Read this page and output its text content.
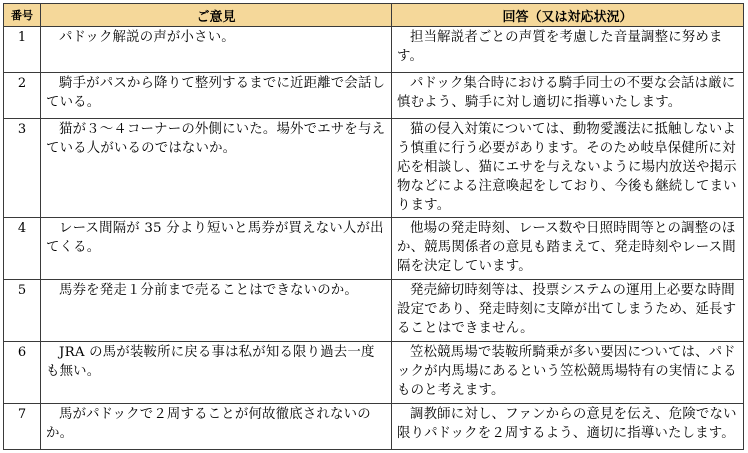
番号	ご意見	回答（又は対応状況）
1	パドック解説の声が小さい。	担当解説者ごとの声質を考慮した音量調整に努めます。
2	騎手がパスから降りて整列するまでに近距離で会話している。	パドック集合時における騎手同士の不要な会話は厳に慎むよう、騎手に対し適切に指導いたします。
3	猫が３～４コーナーの外側にいた。場外でエサを与えている人がいるのではないか。	猫の侵入対策については、動物愛護法に抵触しないよう慎重に行う必要があります。そのため岐阜保健所に対応を相談し、猫にエサを与えないように場内放送や掲示物などによる注意喚起をしており、今後も継続してまいります。
4	レース間隔が 35 分より短いと馬券が買えない人が出てくる。	他場の発走時刻、レース数や日照時間等との調整のほか、競馬関係者の意見も踏まえて、発走時刻やレース間隔を決定しています。
5	馬券を発走１分前まで売ることはできないのか。	発売締切時刻等は、投票システムの運用上必要な時間設定であり、発走時刻に支障が出てしまうため、延長することはできません。
6	JRA の馬が装鞍所に戻る事は私が知る限り過去一度も無い。	笠松競馬場で装鞍所騎乗が多い要因については、パドックが内馬場にあるという笠松競馬場特有の実情によるものと考えます。
7	馬がパドックで２周することが何故徹底されないのか。	調教師に対し、ファンからの意見を伝え、危険でない限りパドックを２周するよう、適切に指導いたします。
